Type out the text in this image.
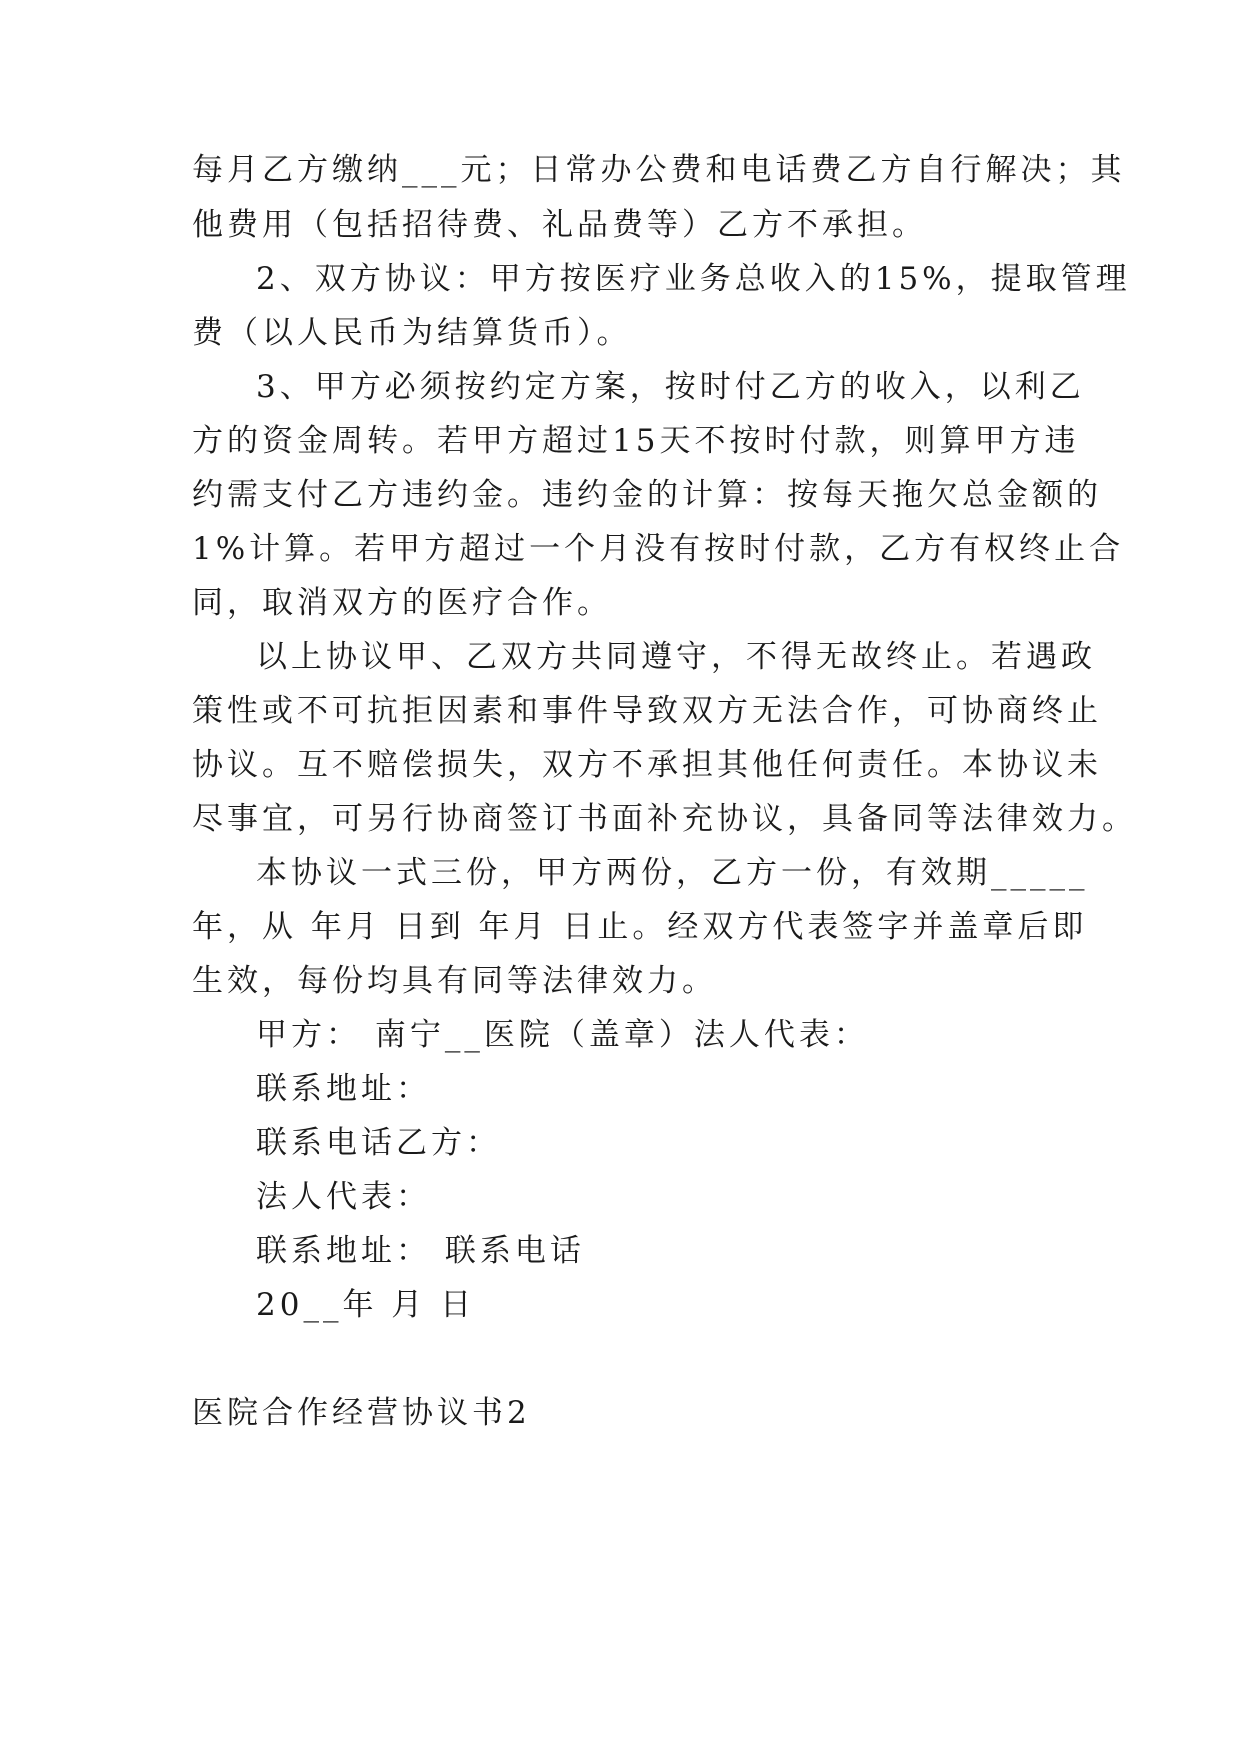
每月乙方缴纳___元；日常办公费和电话费乙方自行解决；其
他费用（包括招待费、礼品费等）乙方不承担。
2、双方协议：甲方按医疗业务总收入的15%，提取管理
费（以人民币为结算货币）。
3、甲方必须按约定方案，按时付乙方的收入，以利乙
方的资金周转。若甲方超过15天不按时付款，则算甲方违
约需支付乙方违约金。违约金的计算：按每天拖欠总金额的
1%计算。若甲方超过一个月没有按时付款，乙方有权终止合
同，取消双方的医疗合作。
以上协议甲、乙双方共同遵守，不得无故终止。若遇政
策性或不可抗拒因素和事件导致双方无法合作，可协商终止
协议。互不赔偿损失，双方不承担其他任何责任。本协议未
尽事宜，可另行协商签订书面补充协议，具备同等法律效力。
本协议一式三份，甲方两份，乙方一份，有效期_____
年，从 年月 日到 年月 日止。经双方代表签字并盖章后即
生效，每份均具有同等法律效力。
甲方： 南宁__医院（盖章）法人代表：
联系地址：
联系电话乙方：
法人代表：
联系地址： 联系电话
20__年 月 日
医院合作经营协议书2
